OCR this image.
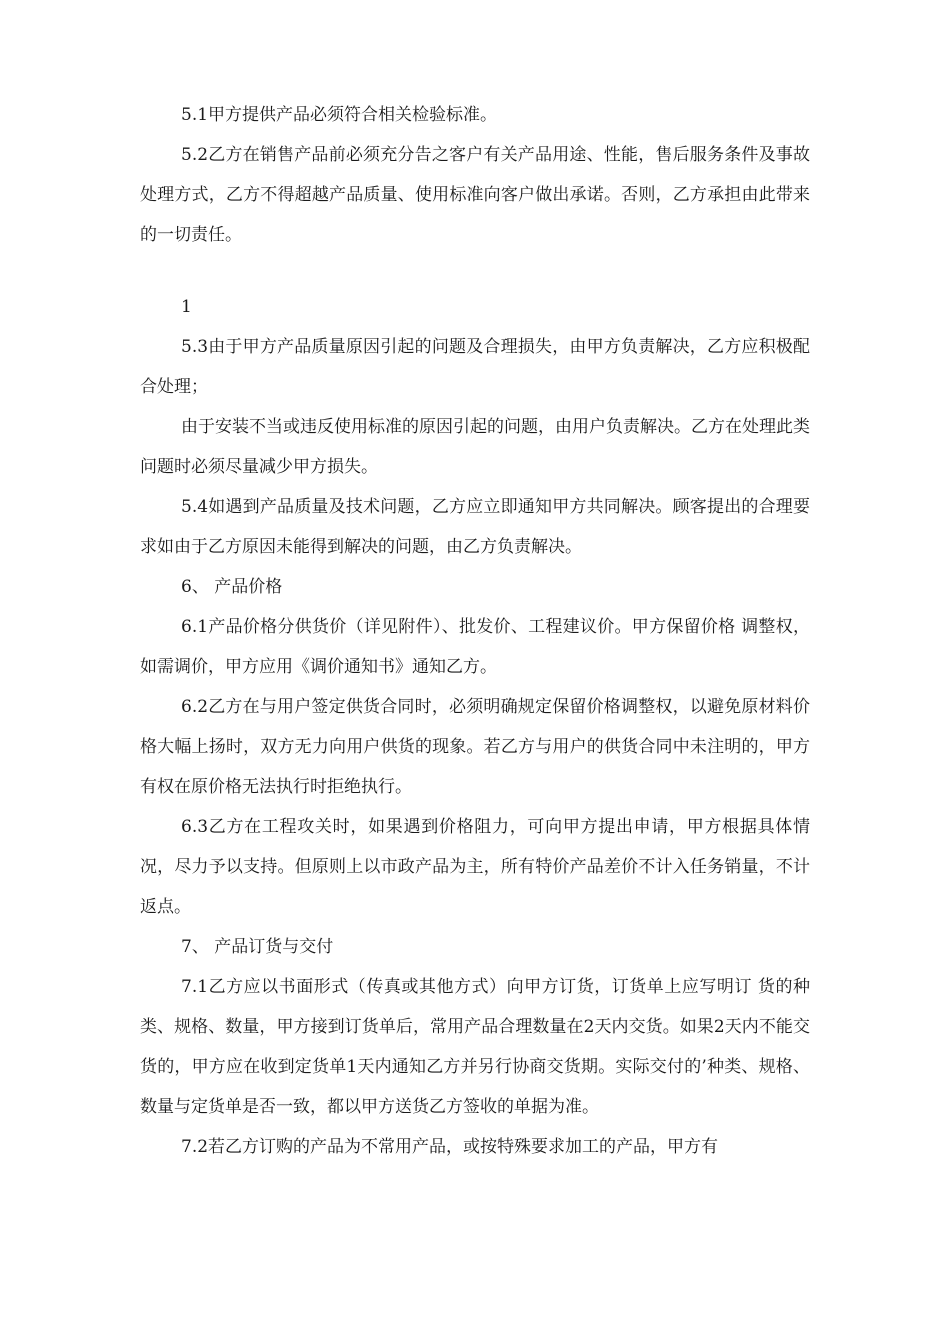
5.1甲方提供产品必须符合相关检验标准。

5.2乙方在销售产品前必须充分告之客户有关产品用途、性能，售后服务条件及事故处理方式，乙方不得超越产品质量、使用标准向客户做出承诺。否则，乙方承担由此带来的一切责任。

1

5.3由于甲方产品质量原因引起的问题及合理损失，由甲方负责解决，乙方应积极配合处理；

由于安装不当或违反使用标准的原因引起的问题，由用户负责解决。乙方在处理此类问题时必须尽量减少甲方损失。

5.4如遇到产品质量及技术问题，乙方应立即通知甲方共同解决。顾客提出的合理要求如由于乙方原因未能得到解决的问题，由乙方负责解决。

6、 产品价格

6.1产品价格分供货价（详见附件）、批发价、工程建议价。甲方保留价格 调整权，如需调价，甲方应用《调价通知书》通知乙方。

6.2乙方在与用户签定供货合同时，必须明确规定保留价格调整权，以避免原材料价格大幅上扬时，双方无力向用户供货的现象。若乙方与用户的供货合同中未注明的，甲方有权在原价格无法执行时拒绝执行。

6.3乙方在工程攻关时，如果遇到价格阻力，可向甲方提出申请，甲方根据具体情况，尽力予以支持。但原则上以市政产品为主，所有特价产品差价不计入任务销量，不计返点。

7、 产品订货与交付

7.1乙方应以书面形式（传真或其他方式）向甲方订货，订货单上应写明订 货的种类、规格、数量，甲方接到订货单后，常用产品合理数量在2天内交货。如果2天内不能交货的，甲方应在收到定货单1天内通知乙方并另行协商交货期。实际交付的’种类、规格、数量与定货单是否一致，都以甲方送货乙方签收的单据为准。

7.2若乙方订购的产品为不常用产品，或按特殊要求加工的产品，甲方有
